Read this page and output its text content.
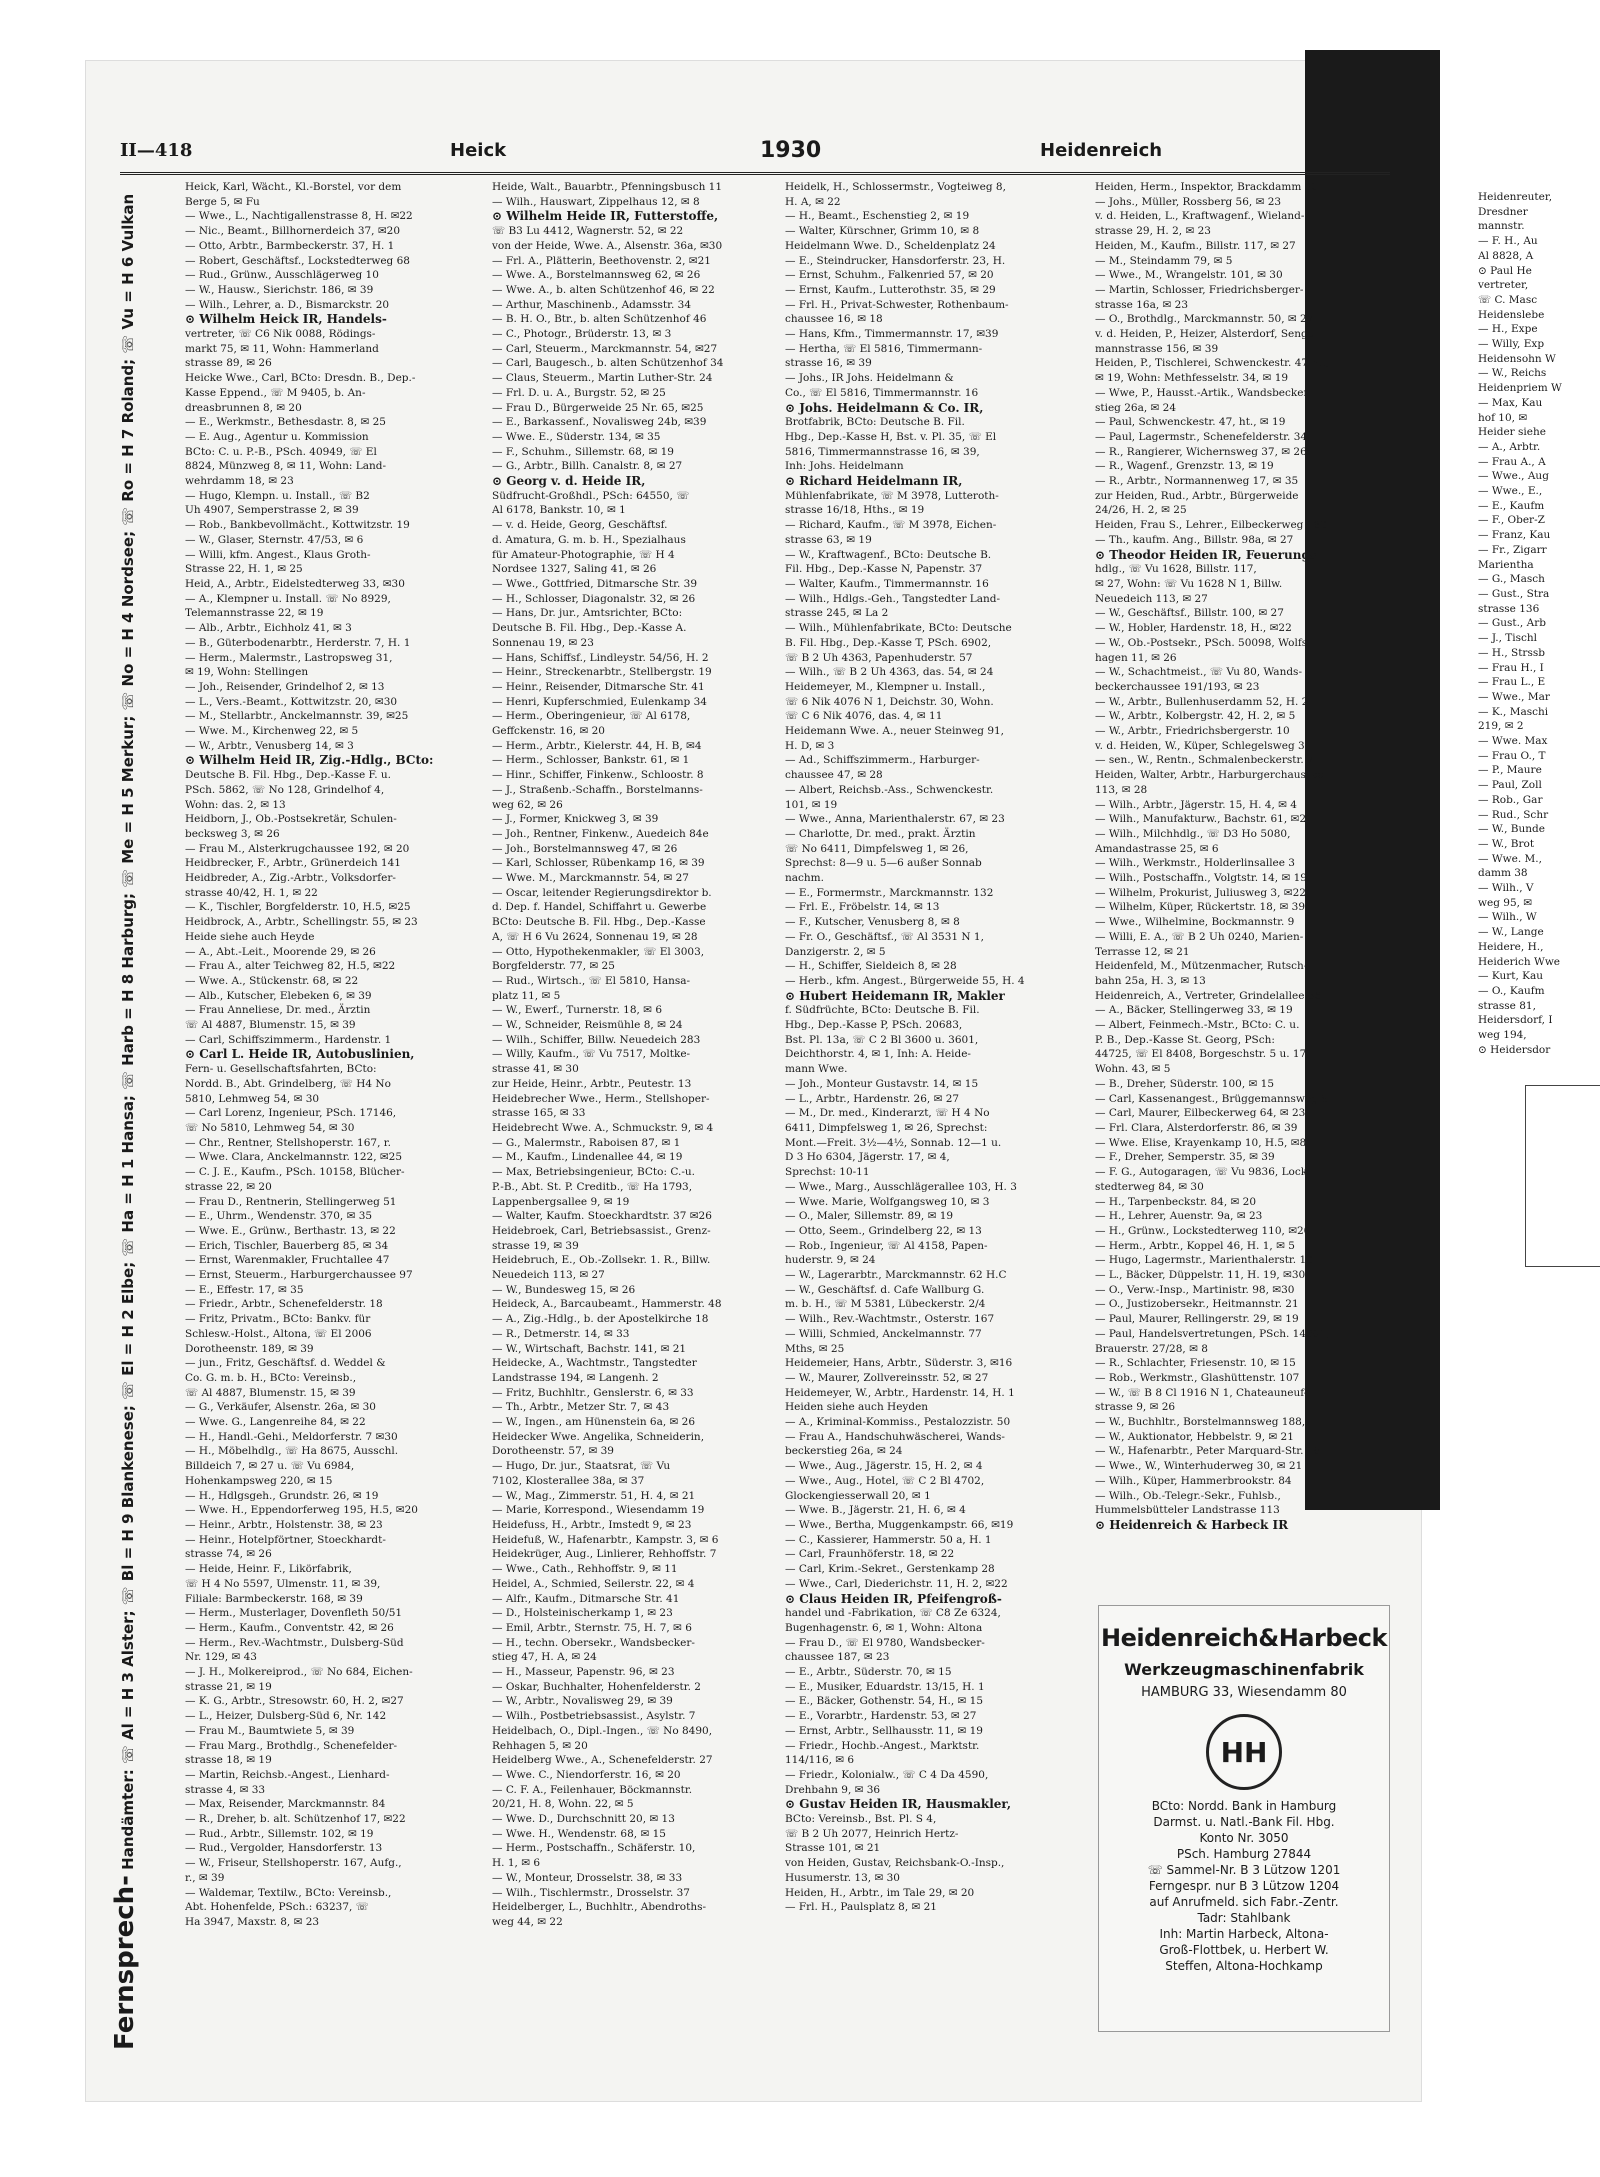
II—418	Heick	1930	Heidenreich
Fernsprech- Handämter: ☏ Al = H 3 Alster; ☏ Bl = H 9 Blankenese; ☏ El = H 2 Elbe; ☏ Ha = H 1 Hansa; ☏ Harb = H 8 Harburg; ☏ Me = H 5 Merkur; ☏ No = H 4 Nordsee; ☏ Ro = H 7 Roland; ☏ Vu = H 6 Vulkan
Heick, Karl, Wächt., Kl.-Borstel, vor dem
Berge 5, ✉ Fu
— Wwe., L., Nachtigallenstrasse 8, H. ✉22
— Nic., Beamt., Billhornerdeich 37, ✉20
— Otto, Arbtr., Barmbeckerstr. 37, H. 1
— Robert, Geschäftsf., Lockstedterweg 68
— Rud., Grünw., Ausschlägerweg 10
— W., Hausw., Sierichstr. 186, ✉ 39
— Wilh., Lehrer, a. D., Bismarckstr. 20
⊙ Wilhelm Heick IR, Handels-
vertreter, ☏ C6 Nik 0088, Rödings-
markt 75, ✉ 11, Wohn: Hammerland
strasse 89, ✉ 26
Heicke Wwe., Carl, BCto: Dresdn. B., Dep.-
Kasse Eppend., ☏ M 9405, b. An-
dreasbrunnen 8, ✉ 20
— E., Werkmstr., Bethesdastr. 8, ✉ 25
— E. Aug., Agentur u. Kommission
BCto: C. u. P.-B., PSch. 40949, ☏ El
8824, Münzweg 8, ✉ 11, Wohn: Land-
wehrdamm 18, ✉ 23
— Hugo, Klempn. u. Install., ☏ B2
Uh 4907, Semperstrasse 2, ✉ 39
— Rob., Bankbevollmächt., Kottwitzstr. 19
— W., Glaser, Sternstr. 47/53, ✉ 6
— Willi, kfm. Angest., Klaus Groth-
Strasse 22, H. 1, ✉ 25
Heid, A., Arbtr., Eidelstedterweg 33, ✉30
— A., Klempner u. Install. ☏ No 8929,
Telemannstrasse 22, ✉ 19
— Alb., Arbtr., Eichholz 41, ✉ 3
— B., Güterbodenarbtr., Herderstr. 7, H. 1
— Herm., Malermstr., Lastropsweg 31,
✉ 19, Wohn: Stellingen
— Joh., Reisender, Grindelhof 2, ✉ 13
— L., Vers.-Beamt., Kottwitzstr. 20, ✉30
— M., Stellarbtr., Anckelmannstr. 39, ✉25
— Wwe. M., Kirchenweg 22, ✉ 5
— W., Arbtr., Venusberg 14, ✉ 3
⊙ Wilhelm Heid IR, Zig.-Hdlg., BCto:
Deutsche B. Fil. Hbg., Dep.-Kasse F. u.
PSch. 5862, ☏ No 128, Grindelhof 4,
Wohn: das. 2, ✉ 13
Heidborn, J., Ob.-Postsekretär, Schulen-
becksweg 3, ✉ 26
— Frau M., Alsterkrugchaussee 192, ✉ 20
Heidbrecker, F., Arbtr., Grünerdeich 141
Heidbreder, A., Zig.-Arbtr., Volksdorfer-
strasse 40/42, H. 1, ✉ 22
— K., Tischler, Borgfelderstr. 10, H.5, ✉25
Heidbrock, A., Arbtr., Schellingstr. 55, ✉ 23
Heide siehe auch Heyde
— A., Abt.-Leit., Moorende 29, ✉ 26
— Frau A., alter Teichweg 82, H.5, ✉22
— Wwe. A., Stückenstr. 68, ✉ 22
— Alb., Kutscher, Elebeken 6, ✉ 39
— Frau Anneliese, Dr. med., Ärztin
☏ Al 4887, Blumenstr. 15, ✉ 39
— Carl, Schiffszimmerm., Hardenstr. 1
⊙ Carl L. Heide IR, Autobuslinien,
Fern- u. Gesellschaftsfahrten, BCto:
Nordd. B., Abt. Grindelberg, ☏ H4 No
5810, Lehmweg 54, ✉ 30
— Carl Lorenz, Ingenieur, PSch. 17146,
☏ No 5810, Lehmweg 54, ✉ 30
— Chr., Rentner, Stellshoperstr. 167, r.
— Wwe. Clara, Anckelmannstr. 122, ✉25
— C. J. E., Kaufm., PSch. 10158, Blücher-
strasse 22, ✉ 20
— Frau D., Rentnerin, Stellingerweg 51
— E., Uhrm., Wendenstr. 370, ✉ 35
— Wwe. E., Grünw., Berthastr. 13, ✉ 22
— Erich, Tischler, Bauerberg 85, ✉ 34
— Ernst, Warenmakler, Fruchtallee 47
— Ernst, Steuerm., Harburgerchaussee 97
— E., Effestr. 17, ✉ 35
— Friedr., Arbtr., Schenefelderstr. 18
— Fritz, Privatm., BCto: Bankv. für
Schlesw.-Holst., Altona, ☏ El 2006
Dorotheenstr. 189, ✉ 39
— jun., Fritz, Geschäftsf. d. Weddel &
Co. G. m. b. H., BCto: Vereinsb.,
☏ Al 4887, Blumenstr. 15, ✉ 39
— G., Verkäufer, Alsenstr. 26a, ✉ 30
— Wwe. G., Langenreihe 84, ✉ 22
— H., Handl.-Gehi., Meldorferstr. 7 ✉30
— H., Möbelhdlg., ☏ Ha 8675, Ausschl.
Billdeich 7, ✉ 27 u. ☏ Vu 6984,
Hohenkampsweg 220, ✉ 15
— H., Hdlgsgeh., Grundstr. 26, ✉ 19
— Wwe. H., Eppendorferweg 195, H.5, ✉20
— Heinr., Arbtr., Holstenstr. 38, ✉ 23
— Heinr., Hotelpförtner, Stoeckhardt-
strasse 74, ✉ 26
— Heide, Heinr. F., Likörfabrik,
☏ H 4 No 5597, Ulmenstr. 11, ✉ 39,
Filiale: Barmbeckerstr. 168, ✉ 39
— Herm., Musterlager, Dovenfleth 50/51
— Herm., Kaufm., Conventstr. 42, ✉ 26
— Herm., Rev.-Wachtmstr., Dulsberg-Süd
Nr. 129, ✉ 43
— J. H., Molkereiprod., ☏ No 684, Eichen-
strasse 21, ✉ 19
— K. G., Arbtr., Stresowstr. 60, H. 2, ✉27
— L., Heizer, Dulsberg-Süd 6, Nr. 142
— Frau M., Baumtwiete 5, ✉ 39
— Frau Marg., Brothdlg., Schenefelder-
strasse 18, ✉ 19
— Martin, Reichsb.-Angest., Lienhard-
strasse 4, ✉ 33
— Max, Reisender, Marckmannstr. 84
— R., Dreher, b. alt. Schützenhof 17, ✉22
— Rud., Arbtr., Sillemstr. 102, ✉ 19
— Rud., Vergolder, Hansdorferstr. 13
— W., Friseur, Stellshoperstr. 167, Aufg.,
r., ✉ 39
— Waldemar, Textilw., BCto: Vereinsb.,
Abt. Hohenfelde, PSch.: 63237, ☏
Ha 3947, Maxstr. 8, ✉ 23
Heide, Walt., Bauarbtr., Pfenningsbusch 11
— Wilh., Hauswart, Zippelhaus 12, ✉ 8
⊙ Wilhelm Heide IR, Futterstoffe,
☏ B3 Lu 4412, Wagnerstr. 52, ✉ 22
von der Heide, Wwe. A., Alsenstr. 36a, ✉30
— Frl. A., Plätterin, Beethovenstr. 2, ✉21
— Wwe. A., Borstelmannsweg 62, ✉ 26
— Wwe. A., b. alten Schützenhof 46, ✉ 22
— Arthur, Maschinenb., Adamsstr. 34
— B. H. O., Btr., b. alten Schützenhof 46
— C., Photogr., Brüderstr. 13, ✉ 3
— Carl, Steuerm., Marckmannstr. 54, ✉27
— Carl, Baugesch., b. alten Schützenhof 34
— Claus, Steuerm., Martin Luther-Str. 24
— Frl. D. u. A., Burgstr. 52, ✉ 25
— Frau D., Bürgerweide 25 Nr. 65, ✉25
— E., Barkassenf., Novalisweg 24b, ✉39
— Wwe. E., Süderstr. 134, ✉ 35
— F., Schuhm., Sillemstr. 68, ✉ 19
— G., Arbtr., Billh. Canalstr. 8, ✉ 27
⊙ Georg v. d. Heide IR,
Südfrucht-Großhdl., PSch: 64550, ☏
Al 6178, Bankstr. 10, ✉ 1
— v. d. Heide, Georg, Geschäftsf.
d. Amatura, G. m. b. H., Spezialhaus
für Amateur-Photographie, ☏ H 4
Nordsee 1327, Saling 41, ✉ 26
— Wwe., Gottfried, Ditmarsche Str. 39
— H., Schlosser, Diagonalstr. 32, ✉ 26
— Hans, Dr. jur., Amtsrichter, BCto:
Deutsche B. Fil. Hbg., Dep.-Kasse A.
Sonnenau 19, ✉ 23
— Hans, Schiffsf., Lindleystr. 54/56, H. 2
— Heinr., Streckenarbtr., Stellbergstr. 19
— Heinr., Reisender, Ditmarsche Str. 41
— Henri, Kupferschmied, Eulenkamp 34
— Herm., Oberingenieur, ☏ Al 6178,
Geffckenstr. 16, ✉ 20
— Herm., Arbtr., Kielerstr. 44, H. B, ✉4
— Herm., Schlosser, Bankstr. 61, ✉ 1
— Hinr., Schiffer, Finkenw., Schloostr. 8
— J., Straßenb.-Schaffn., Borstelmanns-
weg 62, ✉ 26
— J., Former, Knickweg 3, ✉ 39
— Joh., Rentner, Finkenw., Auedeich 84e
— Joh., Borstelmannsweg 47, ✉ 26
— Karl, Schlosser, Rübenkamp 16, ✉ 39
— Wwe. M., Marckmannstr. 54, ✉ 27
— Oscar, leitender Regierungsdirektor b.
d. Dep. f. Handel, Schiffahrt u. Gewerbe
BCto: Deutsche B. Fil. Hbg., Dep.-Kasse
A, ☏ H 6 Vu 2624, Sonnenau 19, ✉ 28
— Otto, Hypothekenmakler, ☏ El 3003,
Borgfelderstr. 77, ✉ 25
— Rud., Wirtsch., ☏ El 5810, Hansa-
platz 11, ✉ 5
— W., Ewerf., Turnerstr. 18, ✉ 6
— W., Schneider, Reismühle 8, ✉ 24
— Wilh., Schiffer, Billw. Neuedeich 283
— Willy, Kaufm., ☏ Vu 7517, Moltke-
strasse 41, ✉ 30
zur Heide, Heinr., Arbtr., Peutestr. 13
Heidebrecher Wwe., Herm., Stellshoper-
strasse 165, ✉ 33
Heidebrecht Wwe. A., Schmuckstr. 9, ✉ 4
— G., Malermstr., Raboisen 87, ✉ 1
— M., Kaufm., Lindenallee 44, ✉ 19
— Max, Betriebsingenieur, BCto: C.-u.
P.-B., Abt. St. P. Creditb., ☏ Ha 1793,
Lappenbergsallee 9, ✉ 19
— Walter, Kaufm. Stoeckhardtstr. 37 ✉26
Heidebroek, Carl, Betriebsassist., Grenz-
strasse 19, ✉ 39
Heidebruch, E., Ob.-Zollsekr. 1. R., Billw.
Neuedeich 113, ✉ 27
— W., Bundesweg 15, ✉ 26
Heideck, A., Barcaubeamt., Hammerstr. 48
— A., Zig.-Hdlg., b. der Apostelkirche 18
— R., Detmerstr. 14, ✉ 33
— W., Wirtschaft, Bachstr. 141, ✉ 21
Heidecke, A., Wachtmstr., Tangstedter
Landstrasse 194, ✉ Langenh. 2
— Fritz, Buchhltr., Genslerstr. 6, ✉ 33
— Th., Arbtr., Metzer Str. 7, ✉ 43
— W., Ingen., am Hünenstein 6a, ✉ 26
Heidecker Wwe. Angelika, Schneiderin,
Dorotheenstr. 57, ✉ 39
— Hugo, Dr. jur., Staatsrat, ☏ Vu
7102, Klosterallee 38a, ✉ 37
— W., Mag., Zimmerstr. 51, H. 4, ✉ 21
— Marie, Korrespond., Wiesendamm 19
Heidefuss, H., Arbtr., Imstedt 9, ✉ 23
Heidefuß, W., Hafenarbtr., Kampstr. 3, ✉ 6
Heidekrüger, Aug., Linlierer, Rehhoffstr. 7
— Wwe., Cath., Rehhoffstr. 9, ✉ 11
Heidel, A., Schmied, Seilerstr. 22, ✉ 4
— Alfr., Kaufm., Ditmarsche Str. 41
— D., Holsteinischerkamp 1, ✉ 23
— Emil, Arbtr., Sternstr. 75, H. 7, ✉ 6
— H., techn. Obersekr., Wandsbecker-
stieg 47, H. A, ✉ 24
— H., Masseur, Papenstr. 96, ✉ 23
— Oskar, Buchhalter, Hohenfelderstr. 2
— W., Arbtr., Novalisweg 29, ✉ 39
— Wilh., Postbetriebsassist., Asylstr. 7
Heidelbach, O., Dipl.-Ingen., ☏ No 8490,
Rehhagen 5, ✉ 20
Heidelberg Wwe., A., Schenefelderstr. 27
— Wwe. C., Niendorferstr. 16, ✉ 20
— C. F. A., Feilenhauer, Böckmannstr.
20/21, H. 8, Wohn. 22, ✉ 5
— Wwe. D., Durchschnitt 20, ✉ 13
— Wwe. H., Wendenstr. 68, ✉ 15
— Herm., Postschaffn., Schäferstr. 10,
H. 1, ✉ 6
— W., Monteur, Drosselstr. 38, ✉ 33
— Wilh., Tischlermstr., Drosselstr. 37
Heidelberger, L., Buchhltr., Abendroths-
weg 44, ✉ 22
Heidelk, H., Schlossermstr., Vogteiweg 8,
H. A, ✉ 22
— H., Beamt., Eschenstieg 2, ✉ 19
— Walter, Kürschner, Grimm 10, ✉ 8
Heidelmann Wwe. D., Scheldenplatz 24
— E., Steindrucker, Hansdorferstr. 23, H.
— Ernst, Schuhm., Falkenried 57, ✉ 20
— Ernst, Kaufm., Lutterothstr. 35, ✉ 29
— Frl. H., Privat-Schwester, Rothenbaum-
chaussee 16, ✉ 18
— Hans, Kfm., Timmermannstr. 17, ✉39
— Hertha, ☏ El 5816, Timmermann-
strasse 16, ✉ 39
— Johs., IR Johs. Heidelmann &
Co., ☏ El 5816, Timmermannstr. 16
⊙ Johs. Heidelmann & Co. IR,
Brotfabrik, BCto: Deutsche B. Fil.
Hbg., Dep.-Kasse H, Bst. v. Pl. 35, ☏ El
5816, Timmermannstrasse 16, ✉ 39,
Inh: Johs. Heidelmann
⊙ Richard Heidelmann IR,
Mühlenfabrikate, ☏ M 3978, Lutteroth-
strasse 16/18, Hths., ✉ 19
— Richard, Kaufm., ☏ M 3978, Eichen-
strasse 63, ✉ 19
— W., Kraftwagenf., BCto: Deutsche B.
Fil. Hbg., Dep.-Kasse N, Papenstr. 37
— Walter, Kaufm., Timmermannstr. 16
— Wilh., Hdlgs.-Geh., Tangstedter Land-
strasse 245, ✉ La 2
— Wilh., Mühlenfabrikate, BCto: Deutsche
B. Fil. Hbg., Dep.-Kasse T, PSch. 6902,
☏ B 2 Uh 4363, Papenhuderstr. 57
— Wilh., ☏ B 2 Uh 4363, das. 54, ✉ 24
Heidemeyer, M., Klempner u. Install.,
☏ 6 Nik 4076 N 1, Deichstr. 30, Wohn.
☏ C 6 Nik 4076, das. 4, ✉ 11
Heidemann Wwe. A., neuer Steinweg 91,
H. D, ✉ 3
— Ad., Schiffszimmerm., Harburger-
chaussee 47, ✉ 28
— Albert, Reichsb.-Ass., Schwenckestr.
101, ✉ 19
— Wwe., Anna, Marienthalerstr. 67, ✉ 23
— Charlotte, Dr. med., prakt. Ärztin
☏ No 6411, Dimpfelsweg 1, ✉ 26,
Sprechst: 8—9 u. 5—6 außer Sonnab
nachm.
— E., Formermstr., Marckmannstr. 132
— Frl. E., Fröbelstr. 14, ✉ 13
— F., Kutscher, Venusberg 8, ✉ 8
— Fr. O., Geschäftsf., ☏ Al 3531 N 1,
Danzigerstr. 2, ✉ 5
— H., Schiffer, Sieldeich 8, ✉ 28
— Herb., kfm. Angest., Bürgerweide 55, H. 4
⊙ Hubert Heidemann IR, Makler
f. Südfrüchte, BCto: Deutsche B. Fil.
Hbg., Dep.-Kasse P, PSch. 20683,
Bst. Pl. 13a, ☏ C 2 Bl 3600 u. 3601,
Deichthorstr. 4, ✉ 1, Inh: A. Heide-
mann Wwe.
— Joh., Monteur Gustavstr. 14, ✉ 15
— L., Arbtr., Hardenstr. 26, ✉ 27
— M., Dr. med., Kinderarzt, ☏ H 4 No
6411, Dimpfelsweg 1, ✉ 26, Sprechst:
Mont.—Freit. 3½—4½, Sonnab. 12—1 u.
D 3 Ho 6304, Jägerstr. 17, ✉ 4,
Sprechst: 10-11
— Wwe., Marg., Ausschlägerallee 103, H. 3
— Wwe. Marie, Wolfgangsweg 10, ✉ 3
— O., Maler, Sillemstr. 89, ✉ 19
— Otto, Seem., Grindelberg 22, ✉ 13
— Rob., Ingenieur, ☏ Al 4158, Papen-
huderstr. 9, ✉ 24
— W., Lagerarbtr., Marckmannstr. 62 H.C
— W., Geschäftsf. d. Cafe Wallburg G.
m. b. H., ☏ M 5381, Lübeckerstr. 2/4
— Wilh., Rev.-Wachtmstr., Osterstr. 167
— Willi, Schmied, Anckelmannstr. 77
Mths, ✉ 25
Heidemeier, Hans, Arbtr., Süderstr. 3, ✉16
— W., Maurer, Zollvereinsstr. 52, ✉ 27
Heidemeyer, W., Arbtr., Hardenstr. 14, H. 1
Heiden siehe auch Heyden
— A., Kriminal-Kommiss., Pestalozzistr. 50
— Frau A., Handschuhwäscherei, Wands-
beckerstieg 26a, ✉ 24
— Wwe., Aug., Jägerstr. 15, H. 2, ✉ 4
— Wwe., Aug., Hotel, ☏ C 2 Bl 4702,
Glockengiesserwall 20, ✉ 1
— Wwe. B., Jägerstr. 21, H. 6, ✉ 4
— Wwe., Bertha, Muggenkampstr. 66, ✉19
— C., Kassierer, Hammerstr. 50 a, H. 1
— Carl, Fraunhöferstr. 18, ✉ 22
— Carl, Krim.-Sekret., Gerstenkamp 28
— Wwe., Carl, Diederichstr. 11, H. 2, ✉22
⊙ Claus Heiden IR, Pfeifengroß-
handel und -Fabrikation, ☏ C8 Ze 6324,
Bugenhagenstr. 6, ✉ 1, Wohn: Altona
— Frau D., ☏ El 9780, Wandsbecker-
chaussee 187, ✉ 23
— E., Arbtr., Süderstr. 70, ✉ 15
— E., Musiker, Eduardstr. 13/15, H. 1
— E., Bäcker, Gothenstr. 54, H., ✉ 15
— E., Vorarbtr., Hardenstr. 53, ✉ 27
— Ernst, Arbtr., Sellhausstr. 11, ✉ 19
— Friedr., Hochb.-Angest., Marktstr.
114/116, ✉ 6
— Friedr., Kolonialw., ☏ C 4 Da 4590,
Drehbahn 9, ✉ 36
⊙ Gustav Heiden IR, Hausmakler,
BCto: Vereinsb., Bst. Pl. S 4,
☏ B 2 Uh 2077, Heinrich Hertz-
Strasse 101, ✉ 21
von Heiden, Gustav, Reichsbank-O.-Insp.,
Husumerstr. 13, ✉ 30
Heiden, H., Arbtr., im Tale 29, ✉ 20
— Frl. H., Paulsplatz 8, ✉ 21
Heiden, Herm., Inspektor, Brackdamm 30
— Johs., Müller, Rossberg 56, ✉ 23
v. d. Heiden, L., Kraftwagenf., Wieland-
strasse 29, H. 2, ✉ 23
Heiden, M., Kaufm., Billstr. 117, ✉ 27
— M., Steindamm 79, ✉ 5
— Wwe., M., Wrangelstr. 101, ✉ 30
— Martin, Schlosser, Friedrichsberger-
strasse 16a, ✉ 23
— O., Brothdlg., Marckmannstr. 50, ✉ 27
v. d. Heiden, P., Heizer, Alsterdorf, Sengel-
mannstrasse 156, ✉ 39
Heiden, P., Tischlerei, Schwenckestr. 47 ht.,
✉ 19, Wohn: Methfesselstr. 34, ✉ 19
— Wwe, P., Hausst.-Artik., Wandsbecker-
stieg 26a, ✉ 24
— Paul, Schwenckestr. 47, ht., ✉ 19
— Paul, Lagermstr., Schenefelderstr. 34
— R., Rangierer, Wichernsweg 37, ✉ 26
— R., Wagenf., Grenzstr. 13, ✉ 19
— R., Arbtr., Normannenweg 17, ✉ 35
zur Heiden, Rud., Arbtr., Bürgerweide
24/26, H. 2, ✉ 25
Heiden, Frau S., Lehrer., Eilbeckerweg 183
— Th., kaufm. Ang., Billstr. 98a, ✉ 27
⊙ Theodor Heiden IR, Feuerungs-
hdlg., ☏ Vu 1628, Billstr. 117,
✉ 27, Wohn: ☏ Vu 1628 N 1, Billw.
Neuedeich 113, ✉ 27
— W., Geschäftsf., Billstr. 100, ✉ 27
— W., Hobler, Hardenstr. 18, H., ✉22
— W., Ob.-Postsekr., PSch. 50098, Wolfs-
hagen 11, ✉ 26
— W., Schachtmeist., ☏ Vu 80, Wands-
beckerchaussee 191/193, ✉ 23
— W., Arbtr., Bullenhuserdamm 52, H. 2
— W., Arbtr., Kolbergstr. 42, H. 2, ✉ 5
— W., Arbtr., Friedrichsbergerstr. 10
v. d. Heiden, W., Küper, Schlegelsweg 3
— sen., W., Rentn., Schmalenbeckerstr. 7
Heiden, Walter, Arbtr., Harburgerchaussee
113, ✉ 28
— Wilh., Arbtr., Jägerstr. 15, H. 4, ✉ 4
— Wilh., Manufakturw., Bachstr. 61, ✉21
— Wilh., Milchhdlg., ☏ D3 Ho 5080,
Amandastrasse 25, ✉ 6
— Wilh., Werkmstr., Holderlinsallee 3
— Wilh., Postschaffn., Volgtstr. 14, ✉ 19
— Wilhelm, Prokurist, Juliusweg 3, ✉22
— Wilhelm, Küper, Rückertstr. 18, ✉ 39
— Wwe., Wilhelmine, Bockmannstr. 9
— Willi, E. A., ☏ B 2 Uh 0240, Marien-
Terrasse 12, ✉ 21
Heidenfeld, M., Mützenmacher, Rutsch-
bahn 25a, H. 3, ✉ 13
Heidenreich, A., Vertreter, Grindelallee 36
— A., Bäcker, Stellingerweg 33, ✉ 19
— Albert, Feinmech.-Mstr., BCto: C. u.
P. B., Dep.-Kasse St. Georg, PSch:
44725, ☏ El 8408, Borgeschstr. 5 u. 17,
Wohn. 43, ✉ 5
— B., Dreher, Süderstr. 100, ✉ 15
— Carl, Kassenangest., Brüggemannsweg 8
— Carl, Maurer, Eilbeckerweg 64, ✉ 23
— Frl. Clara, Alsterdorferstr. 86, ✉ 39
— Wwe. Elise, Krayenkamp 10, H.5, ✉8
— F., Dreher, Semperstr. 35, ✉ 39
— F. G., Autogaragen, ☏ Vu 9836, Lock-
stedterweg 84, ✉ 30
— H., Tarpenbeckstr. 84, ✉ 20
— H., Lehrer, Auenstr. 9a, ✉ 23
— H., Grünw., Lockstedterweg 110, ✉20
— Herm., Arbtr., Koppel 46, H. 1, ✉ 5
— Hugo, Lagermstr., Marienthalerstr. 13
— L., Bäcker, Düppelstr. 11, H. 19, ✉30
— O., Verw.-Insp., Martinistr. 98, ✉30
— O., Justizobersekr., Heitmannstr. 21
— Paul, Maurer, Rellingerstr. 29, ✉ 19
— Paul, Handelsvertretungen, PSch. 14601,
Brauerstr. 27/28, ✉ 8
— R., Schlachter, Friesenstr. 10, ✉ 15
— Rob., Werkmstr., Glashüttenstr. 107
— W., ☏ B 8 Cl 1916 N 1, Chateauneuf-
strasse 9, ✉ 26
— W., Buchhltr., Borstelmannsweg 188,
— W., Auktionator, Hebbelstr. 9, ✉ 21
— W., Hafenarbtr., Peter Marquard-Str. 18
— Wwe., W., Winterhuderweg 30, ✉ 21
— Wilh., Küper, Hammerbrookstr. 84
— Wilh., Ob.-Telegr.-Sekr., Fuhlsb.,
Hummelsbütteler Landstrasse 113
⊙ Heidenreich & Harbeck IR
Heidenreich&Harbeck
Werkzeugmaschinenfabrik
HAMBURG 33, Wiesendamm 80
HH
BCto: Nordd. Bank in Hamburg
Darmst. u. Natl.-Bank Fil. Hbg.
Konto Nr. 3050
PSch. Hamburg 27844
☏ Sammel-Nr. B 3 Lützow 1201
Ferngespr. nur B 3 Lützow 1204
auf Anrufmeld. sich Fabr.-Zentr.
Tadr: Stahlbank
Inh: Martin Harbeck, Altona-
Groß-Flottbek, u. Herbert W.
Steffen, Altona-Hochkamp
Heidenreuter,
Dresdner
mannstr.
— F. H., Au
Al 8828, A
⊙ Paul He
vertreter,
☏ C. Masc
Heidenslebe
— H., Expe
— Willy, Exp
Heidensohn W
— W., Reichs
Heidenpriem W
— Max, Kau
hof 10, ✉
Heider siehe
— A., Arbtr.
— Frau A., A
— Wwe., Aug
— Wwe., E.,
— E., Kaufm
— F., Ober-Z
— Franz, Kau
— Fr., Zigarr
Marientha
— G., Masch
— Gust., Stra
strasse 136
— Gust., Arb
— J., Tischl
— H., Strssb
— Frau H., I
— Frau L., E
— Wwe., Mar
— K., Maschi
219, ✉ 2
— Wwe. Max
— Frau O., T
— P., Maure
— Paul, Zoll
— Rob., Gar
— Rud., Schr
— W., Bunde
— W., Brot
— Wwe. M.,
damm 38
— Wilh., V
weg 95, ✉
— Wilh., W
— W., Lange
Heidere, H.,
Heiderich Wwe
— Kurt, Kau
— O., Kaufm
strasse 81,
Heidersdorf, I
weg 194,
⊙ Heidersdor
